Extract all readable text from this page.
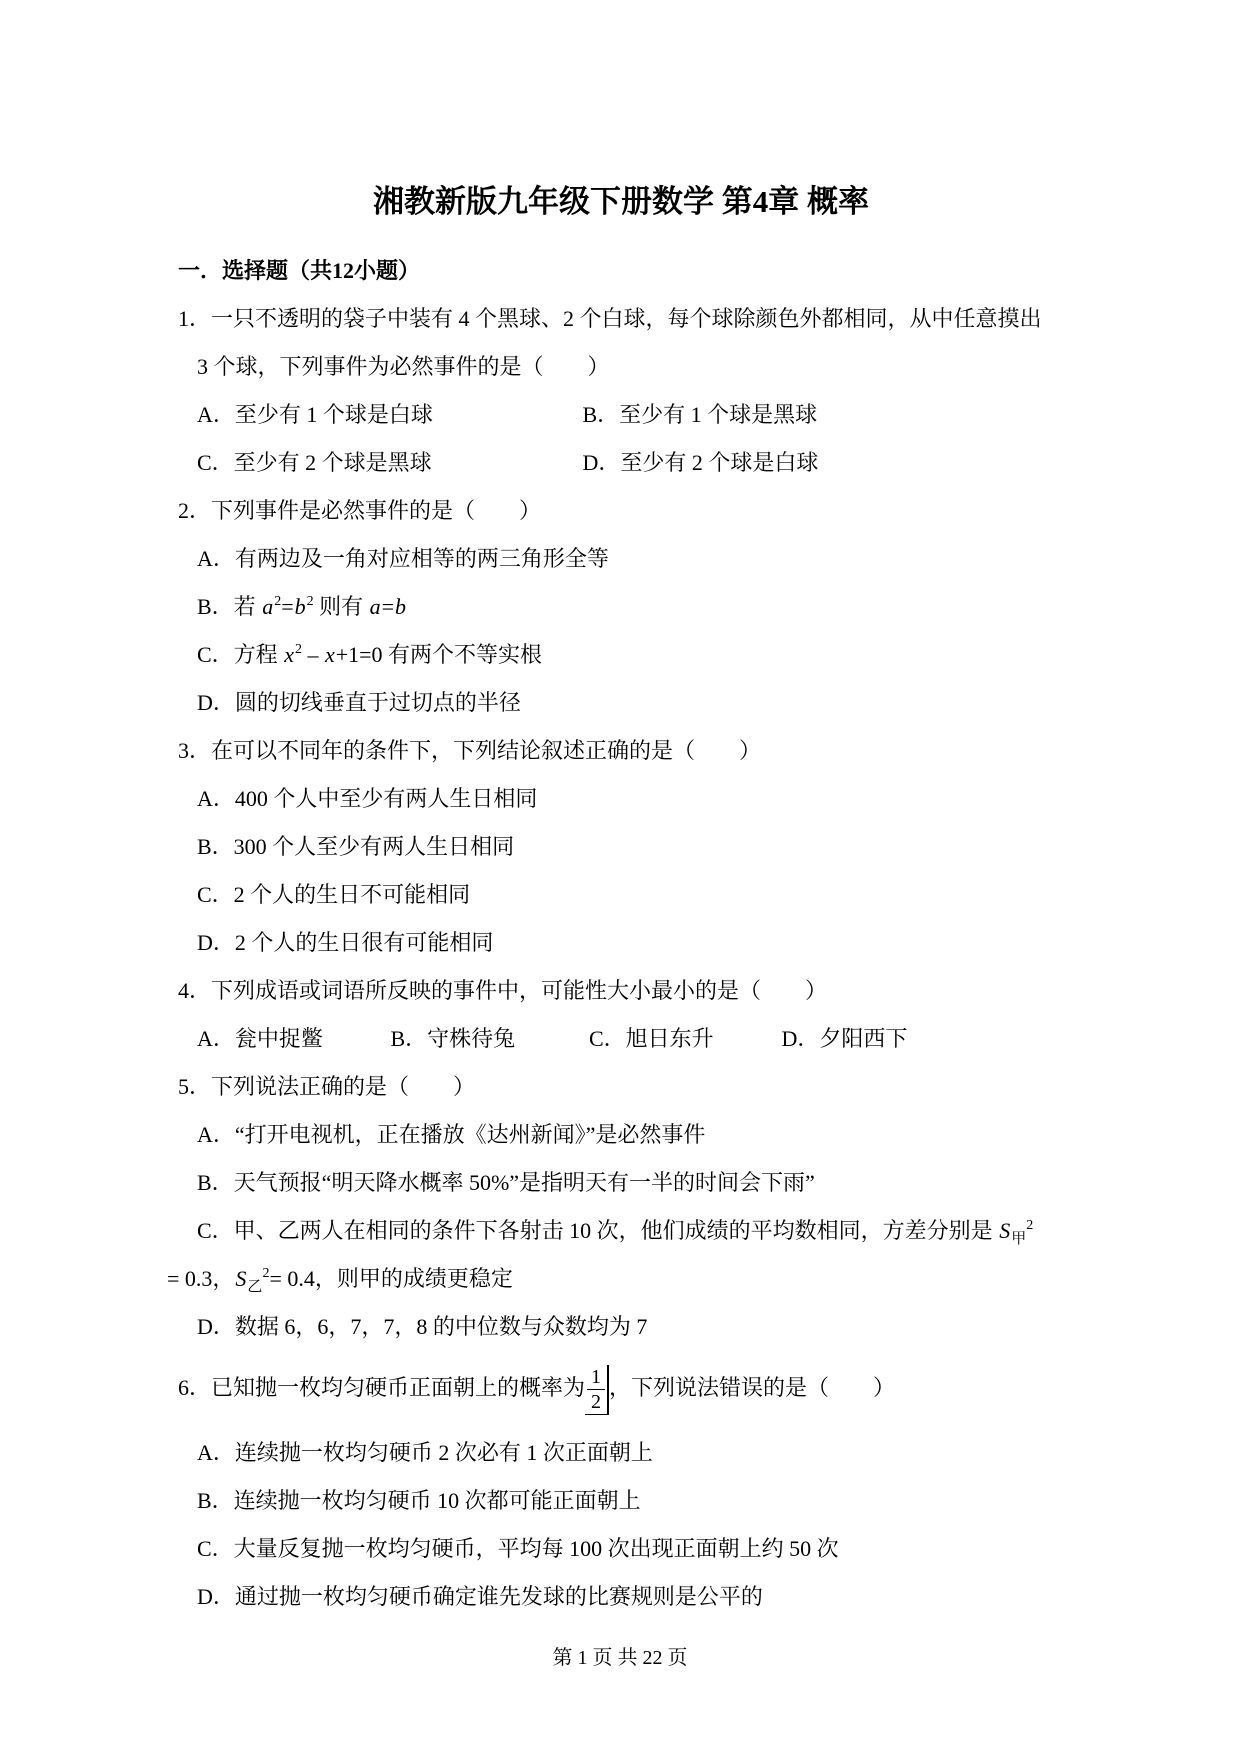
湘教新版九年级下册数学 第4章 概率
一．选择题（共12小题）
1．一只不透明的袋子中装有 4 个黑球、2 个白球，每个球除颜色外都相同，从中任意摸出
3 个球，下列事件为必然事件的是（　　）
A．至少有 1 个球是白球	B．至少有 1 个球是黑球
C．至少有 2 个球是黑球	D．至少有 2 个球是白球
2．下列事件是必然事件的是（　　）
A．有两边及一角对应相等的两三角形全等
B．若 $a^2=b^2$ 则有 a=b
C．方程 $x^2 - x+1=0$ 有两个不等实根
D．圆的切线垂直于过切点的半径
3．在可以不同年的条件下，下列结论叙述正确的是（　　）
A．400 个人中至少有两人生日相同
B．300 个人至少有两人生日相同
C．2 个人的生日不可能相同
D．2 个人的生日很有可能相同
4．下列成语或词语所反映的事件中，可能性大小最小的是（　　）
A．瓮中捉鳖	B．守株待兔	C．旭日东升	D．夕阳西下
5．下列说法正确的是（　　）
A．“打开电视机，正在播放《达州新闻》”是必然事件
B．天气预报“明天降水概率 50%”是指明天有一半的时间会下雨”
C．甲、乙两人在相同的条件下各射击 10 次，他们成绩的平均数相同，方差分别是 $S_甲^2$
= 0.3，$S_乙^2= 0.4$，则甲的成绩更稳定
D．数据 6，6，7，7，8 的中位数与众数均为 7
6．已知抛一枚均匀硬币正面朝上的概率为 $\frac{1}{2}$ ，下列说法错误的是（　　）
A．连续抛一枚均匀硬币 2 次必有 1 次正面朝上
B．连续抛一枚均匀硬币 10 次都可能正面朝上
C．大量反复抛一枚均匀硬币，平均每 100 次出现正面朝上约 50 次
D．通过抛一枚均匀硬币确定谁先发球的比赛规则是公平的
第 1 页 共 22 页
